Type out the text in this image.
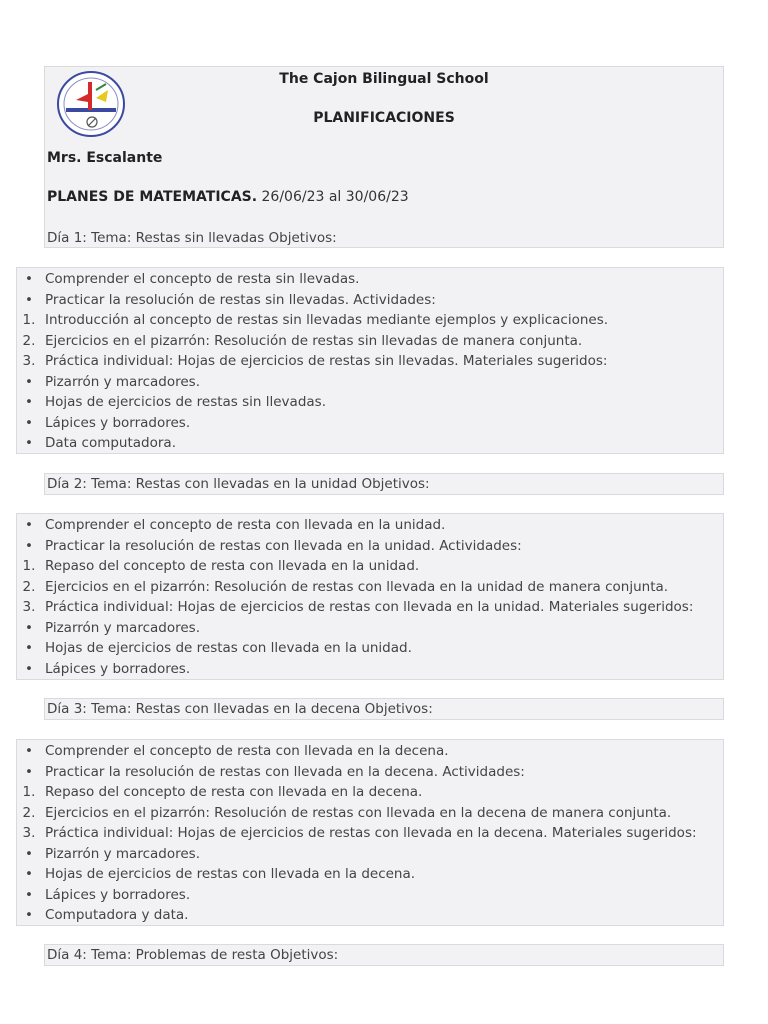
The Cajon Bilingual School
PLANIFICACIONES
Mrs. Escalante
PLANES DE MATEMATICAS. 26/06/23 al 30/06/23
Día 1: Tema: Restas sin llevadas Objetivos:
• Comprender el concepto de resta sin llevadas.
• Practicar la resolución de restas sin llevadas. Actividades:
1. Introducción al concepto de restas sin llevadas mediante ejemplos y explicaciones.
2. Ejercicios en el pizarrón: Resolución de restas sin llevadas de manera conjunta.
3. Práctica individual: Hojas de ejercicios de restas sin llevadas. Materiales sugeridos:
• Pizarrón y marcadores.
• Hojas de ejercicios de restas sin llevadas.
• Lápices y borradores.
• Data computadora.
Día 2: Tema: Restas con llevadas en la unidad Objetivos:
• Comprender el concepto de resta con llevada en la unidad.
• Practicar la resolución de restas con llevada en la unidad. Actividades:
1. Repaso del concepto de resta con llevada en la unidad.
2. Ejercicios en el pizarrón: Resolución de restas con llevada en la unidad de manera conjunta.
3. Práctica individual: Hojas de ejercicios de restas con llevada en la unidad. Materiales sugeridos:
• Pizarrón y marcadores.
• Hojas de ejercicios de restas con llevada en la unidad.
• Lápices y borradores.
Día 3: Tema: Restas con llevadas en la decena Objetivos:
• Comprender el concepto de resta con llevada en la decena.
• Practicar la resolución de restas con llevada en la decena. Actividades:
1. Repaso del concepto de resta con llevada en la decena.
2. Ejercicios en el pizarrón: Resolución de restas con llevada en la decena de manera conjunta.
3. Práctica individual: Hojas de ejercicios de restas con llevada en la decena. Materiales sugeridos:
• Pizarrón y marcadores.
• Hojas de ejercicios de restas con llevada en la decena.
• Lápices y borradores.
• Computadora y data.
Día 4: Tema: Problemas de resta Objetivos:
